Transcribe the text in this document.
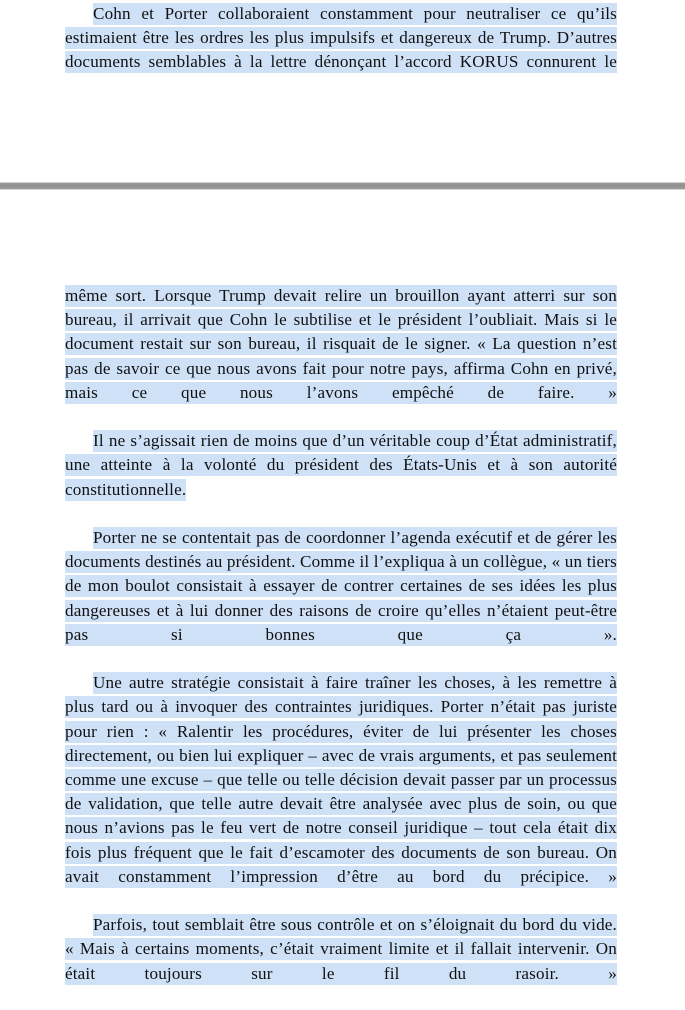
Cohn et Porter collaboraient constamment pour neutraliser ce qu’ils estimaient être les ordres les plus impulsifs et dangereux de Trump. D’autres documents semblables à la lettre dénonçant l’accord KORUS connurent le

même sort. Lorsque Trump devait relire un brouillon ayant atterri sur son bureau, il arrivait que Cohn le subtilise et le président l’oubliait. Mais si le document restait sur son bureau, il risquait de le signer. « La question n’est pas de savoir ce que nous avons fait pour notre pays, affirma Cohn en privé, mais ce que nous l’avons empêché de faire. »

Il ne s’agissait rien de moins que d’un véritable coup d’État administratif, une atteinte à la volonté du président des États-Unis et à son autorité constitutionnelle.

Porter ne se contentait pas de coordonner l’agenda exécutif et de gérer les documents destinés au président. Comme il l’expliqua à un collègue, « un tiers de mon boulot consistait à essayer de contrer certaines de ses idées les plus dangereuses et à lui donner des raisons de croire qu’elles n’étaient peut-être pas si bonnes que ça ».

Une autre stratégie consistait à faire traîner les choses, à les remettre à plus tard ou à invoquer des contraintes juridiques. Porter n’était pas juriste pour rien : « Ralentir les procédures, éviter de lui présenter les choses directement, ou bien lui expliquer – avec de vrais arguments, et pas seulement comme une excuse – que telle ou telle décision devait passer par un processus de validation, que telle autre devait être analysée avec plus de soin, ou que nous n’avions pas le feu vert de notre conseil juridique – tout cela était dix fois plus fréquent que le fait d’escamoter des documents de son bureau. On avait constamment l’impression d’être au bord du précipice. »

Parfois, tout semblait être sous contrôle et on s’éloignait du bord du vide. « Mais à certains moments, c’était vraiment limite et il fallait intervenir. On était toujours sur le fil du rasoir. »
